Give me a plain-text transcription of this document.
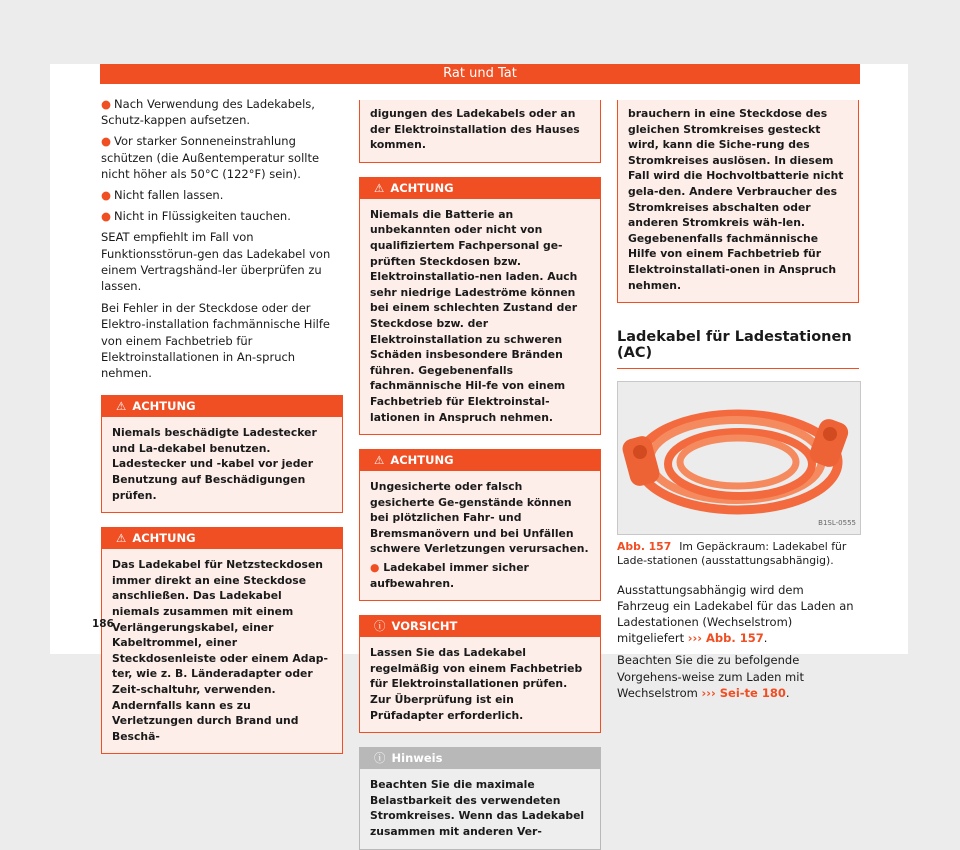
Rat und Tat
● Nach Verwendung des Ladekabels, Schutz-kappen aufsetzen.
● Vor starker Sonneneinstrahlung schützen (die Außentemperatur sollte nicht höher als 50°C (122°F) sein).
● Nicht fallen lassen.
● Nicht in Flüssigkeiten tauchen.

SEAT empfiehlt im Fall von Funktionsstörun-gen das Ladekabel von einem Vertragshänd-ler überprüfen zu lassen.

Bei Fehler in der Steckdose oder der Elektro-installation fachmännische Hilfe von einem Fachbetrieb für Elektroinstallationen in An-spruch nehmen.

⚠ ACHTUNG
Niemals beschädigte Ladestecker und La-dekabel benutzen. Ladestecker und -kabel vor jeder Benutzung auf Beschädigungen prüfen.
⚠ ACHTUNG
Das Ladekabel für Netzsteckdosen immer direkt an eine Steckdose anschließen. Das Ladekabel niemals zusammen mit einem Verlängerungskabel, einer Kabeltrommel, einer Steckdosenleiste oder einem Adap-ter, wie z. B. Länderadapter oder Zeit-schaltuhr, verwenden. Andernfalls kann es zu Verletzungen durch Brand und Beschä-
digungen des Ladekabels oder an der Elektroinstallation des Hauses kommen.
⚠ ACHTUNG
Niemals die Batterie an unbekannten oder nicht von qualifiziertem Fachpersonal ge-prüften Steckdosen bzw. Elektroinstallatio-nen laden. Auch sehr niedrige Ladeströme können bei einem schlechten Zustand der Steckdose bzw. der Elektroinstallation zu schweren Schäden insbesondere Bränden führen. Gegebenenfalls fachmännische Hil-fe von einem Fachbetrieb für Elektroinstal-lationen in Anspruch nehmen.
⚠ ACHTUNG
Ungesicherte oder falsch gesicherte Ge-genstände können bei plötzlichen Fahr- und Bremsmanövern und bei Unfällen schwere Verletzungen verursachen.
● Ladekabel immer sicher aufbewahren.
ⓘ VORSICHT
Lassen Sie das Ladekabel regelmäßig von einem Fachbetrieb für Elektroinstallationen prüfen. Zur Überprüfung ist ein Prüfadapter erforderlich.
ⓘ Hinweis
Beachten Sie die maximale Belastbarkeit des verwendeten Stromkreises. Wenn das Ladekabel zusammen mit anderen Ver-
brauchern in eine Steckdose des gleichen Stromkreises gesteckt wird, kann die Siche-rung des Stromkreises auslösen. In diesem Fall wird die Hochvoltbatterie nicht gela-den. Andere Verbraucher des Stromkreises abschalten oder anderen Stromkreis wäh-len. Gegebenenfalls fachmännische Hilfe von einem Fachbetrieb für Elektroinstallati-onen in Anspruch nehmen.
Ladekabel für Ladestationen (AC)
B1SL-0555
Abb. 157 Im Gepäckraum: Ladekabel für Lade-stationen (ausstattungsabhängig).

Ausstattungsabhängig wird dem Fahrzeug ein Ladekabel für das Laden an Ladestationen (Wechselstrom) mitgeliefert ››› Abb. 157.

Beachten Sie die zu befolgende Vorgehens-weise zum Laden mit Wechselstrom ››› Sei-te 180.

186
